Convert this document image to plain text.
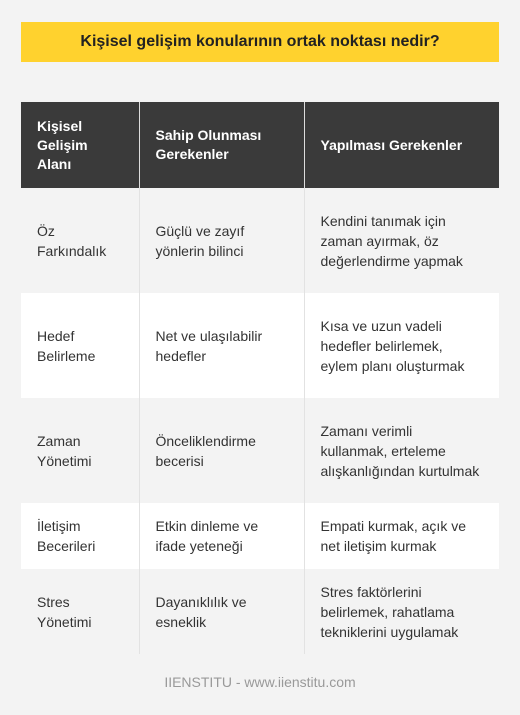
Kişisel gelişim konularının ortak noktası nedir?
Kişisel Gelişim Alanı	Sahip Olunması Gerekenler	Yapılması Gerekenler
Öz Farkındalık	Güçlü ve zayıf yönlerin bilinci	Kendini tanımak için zaman ayırmak, öz değerlendirme yapmak
Hedef Belirleme	Net ve ulaşılabilir hedefler	Kısa ve uzun vadeli hedefler belirlemek, eylem planı oluşturmak
Zaman Yönetimi	Önceliklendirme becerisi	Zamanı verimli kullanmak, erteleme alışkanlığından kurtulmak
İletişim Becerileri	Etkin dinleme ve ifade yeteneği	Empati kurmak, açık ve net iletişim kurmak
Stres Yönetimi	Dayanıklılık ve esneklik	Stres faktörlerini belirlemek, rahatlama tekniklerini uygulamak
IIENSTITU - www.iienstitu.com
